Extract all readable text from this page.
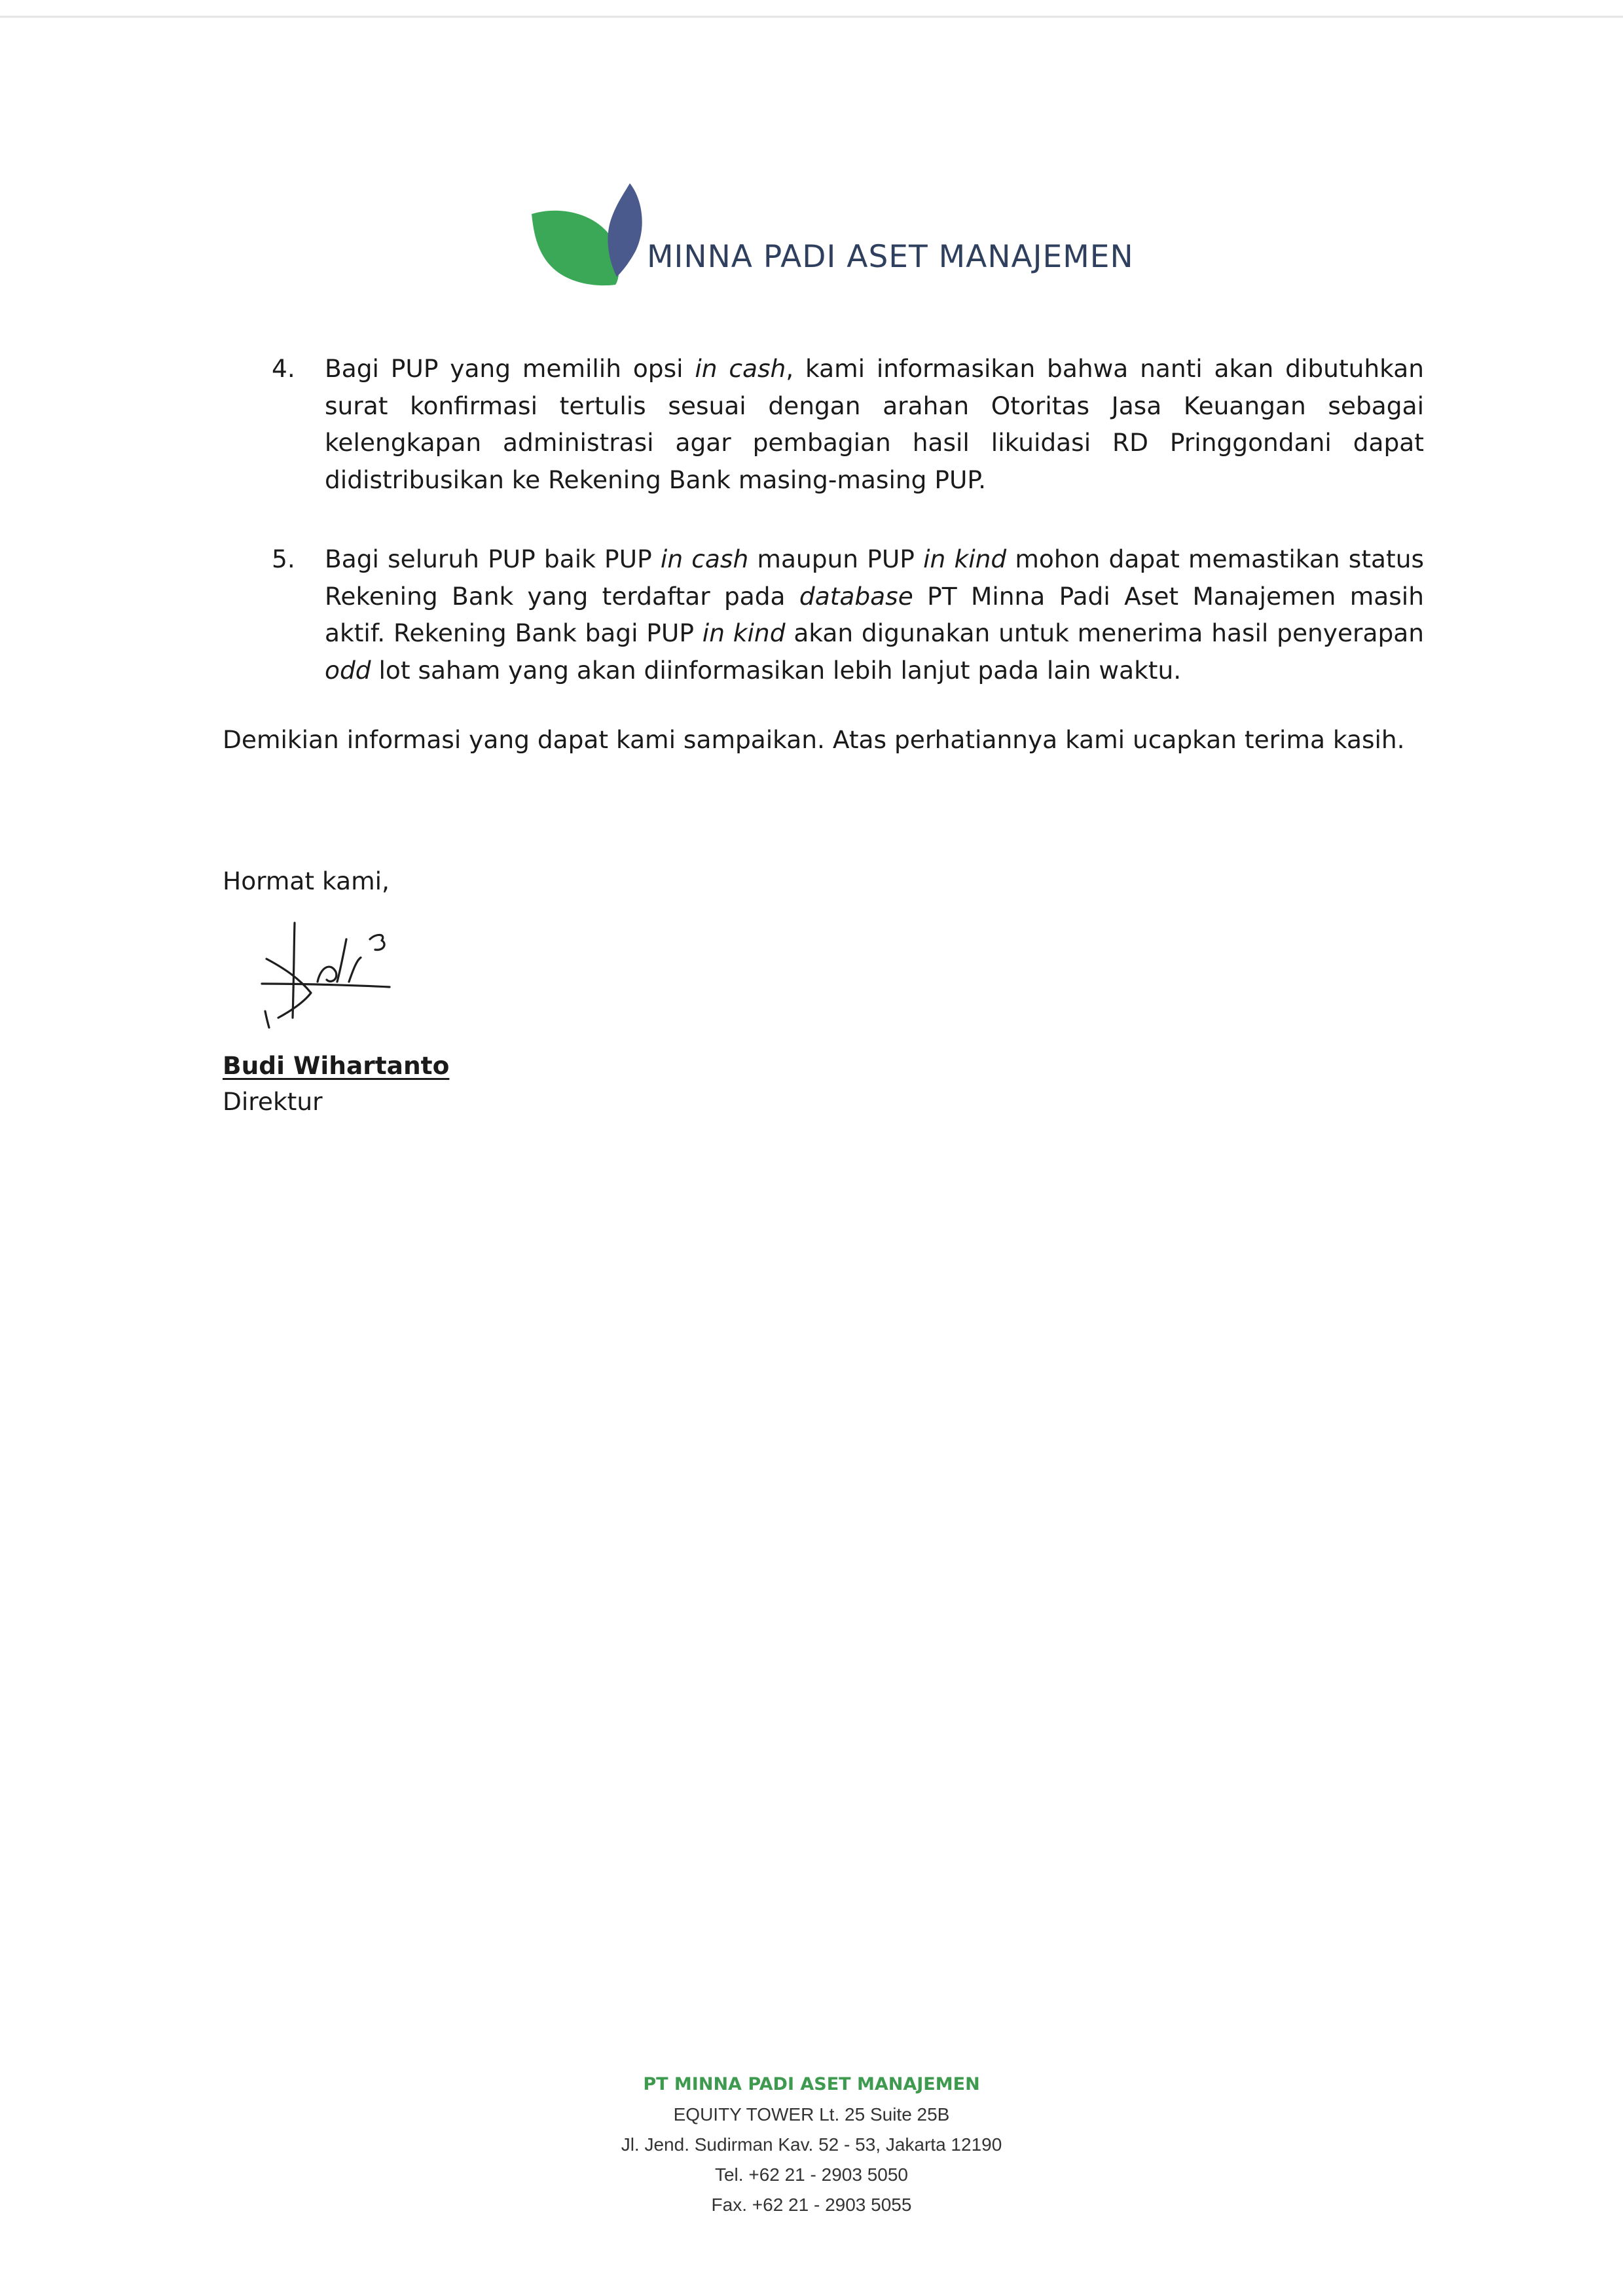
MINNA PADI ASET MANAJEMEN
4. Bagi PUP yang memilih opsi in cash, kami informasikan bahwa nanti akan dibutuhkan surat konfirmasi tertulis sesuai dengan arahan Otoritas Jasa Keuangan sebagai kelengkapan administrasi agar pembagian hasil likuidasi RD Pringgondani dapat didistribusikan ke Rekening Bank masing-masing PUP.
5. Bagi seluruh PUP baik PUP in cash maupun PUP in kind mohon dapat memastikan status Rekening Bank yang terdaftar pada database PT Minna Padi Aset Manajemen masih aktif. Rekening Bank bagi PUP in kind akan digunakan untuk menerima hasil penyerapan odd lot saham yang akan diinformasikan lebih lanjut pada lain waktu.
Demikian informasi yang dapat kami sampaikan. Atas perhatiannya kami ucapkan terima kasih.
Hormat kami,
Budi Wihartanto
Direktur
PT MINNA PADI ASET MANAJEMEN
EQUITY TOWER Lt. 25 Suite 25B
Jl. Jend. Sudirman Kav. 52 - 53, Jakarta 12190
Tel. +62 21 - 2903 5050
Fax. +62 21 - 2903 5055
